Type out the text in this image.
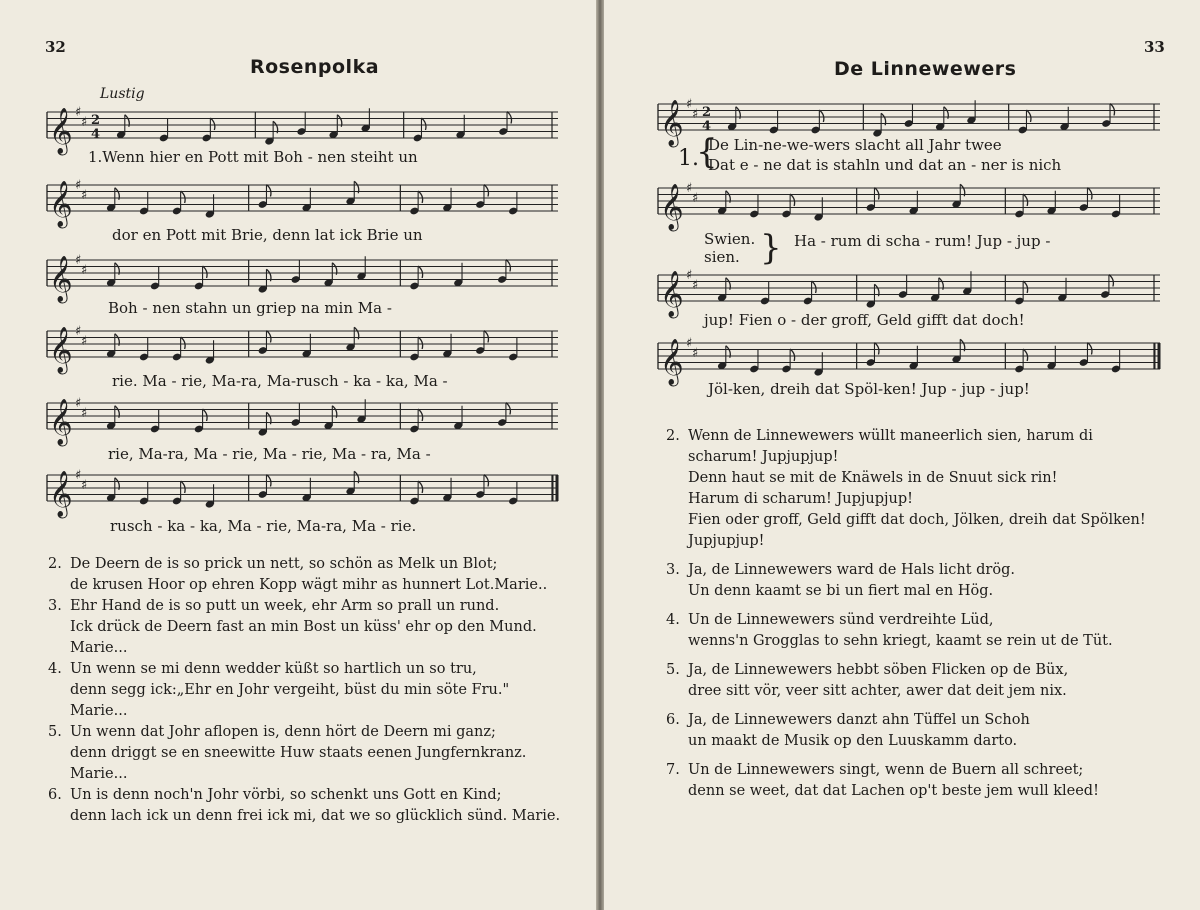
32
Rosenpolka
Lustig
𝄞 ♯
♯ 2
4
1.Wenn hier en Pott mit Boh - nen steiht un
𝄞 ♯
♯
dor en Pott mit Brie, denn lat ick Brie un
𝄞 ♯
♯
Boh - nen stahn un griep na min Ma -
𝄞 ♯
♯
rie. Ma - rie, Ma-ra, Ma-rusch - ka - ka, Ma -
𝄞 ♯
♯
rie, Ma-ra, Ma - rie, Ma - rie, Ma - ra, Ma -
𝄞 ♯
♯
rusch - ka - ka, Ma - rie, Ma-ra, Ma - rie.
2. De Deern de is so prick un nett, so schön as Melk un Blot;
de krusen Hoor op ehren Kopp wägt mihr as hunnert Lot.Marie..
3. Ehr Hand de is so putt un week, ehr Arm so prall un rund.
Ick drück de Deern fast an min Bost un küss' ehr op den Mund.
Marie...
4. Un wenn se mi denn wedder küßt so hartlich un so tru,
denn segg ick:„Ehr en Johr vergeiht, büst du min söte Fru."
Marie...
5. Un wenn dat Johr aflopen is, denn hört de Deern mi ganz;
denn driggt se en sneewitte Huw staats eenen Jungfernkranz.
Marie...
6. Un is denn noch'n Johr vörbi, so schenkt uns Gott en Kind;
denn lach ick un denn frei ick mi, dat we so glücklich sünd. Marie.
33
De Linnewewers
𝄞 ♯
♯ 2
4
1.
{
De Lin-ne-we-wers slacht all Jahr twee
Dat e - ne dat is stahln und dat an - ner is nich
𝄞 ♯
♯
Swien.
sien. } Ha - rum di scha - rum! Jup - jup -
𝄞 ♯
♯
jup! Fien o - der groff, Geld gifft dat doch!
𝄞 ♯
♯
Jöl-ken, dreih dat Spöl-ken! Jup - jup - jup!
2. Wenn de Linnewewers wüllt maneerlich sien, harum di
scharum! Jupjupjup!
Denn haut se mit de Knäwels in de Snuut sick rin!
Harum di scharum! Jupjupjup!
Fien oder groff, Geld gifft dat doch, Jölken, dreih dat Spölken!
Jupjupjup!
3. Ja, de Linnewewers ward de Hals licht drög.
Un denn kaamt se bi un fiert mal en Hög.
4. Un de Linnewewers sünd verdreihte Lüd,
wenns'n Grogglas to sehn kriegt, kaamt se rein ut de Tüt.
5. Ja, de Linnewewers hebbt söben Flicken op de Büx,
dree sitt vör, veer sitt achter, awer dat deit jem nix.
6. Ja, de Linnewewers danzt ahn Tüffel un Schoh
un maakt de Musik op den Luuskamm darto.
7. Un de Linnewewers singt, wenn de Buern all schreet;
denn se weet, dat dat Lachen op't beste jem wull kleed!
